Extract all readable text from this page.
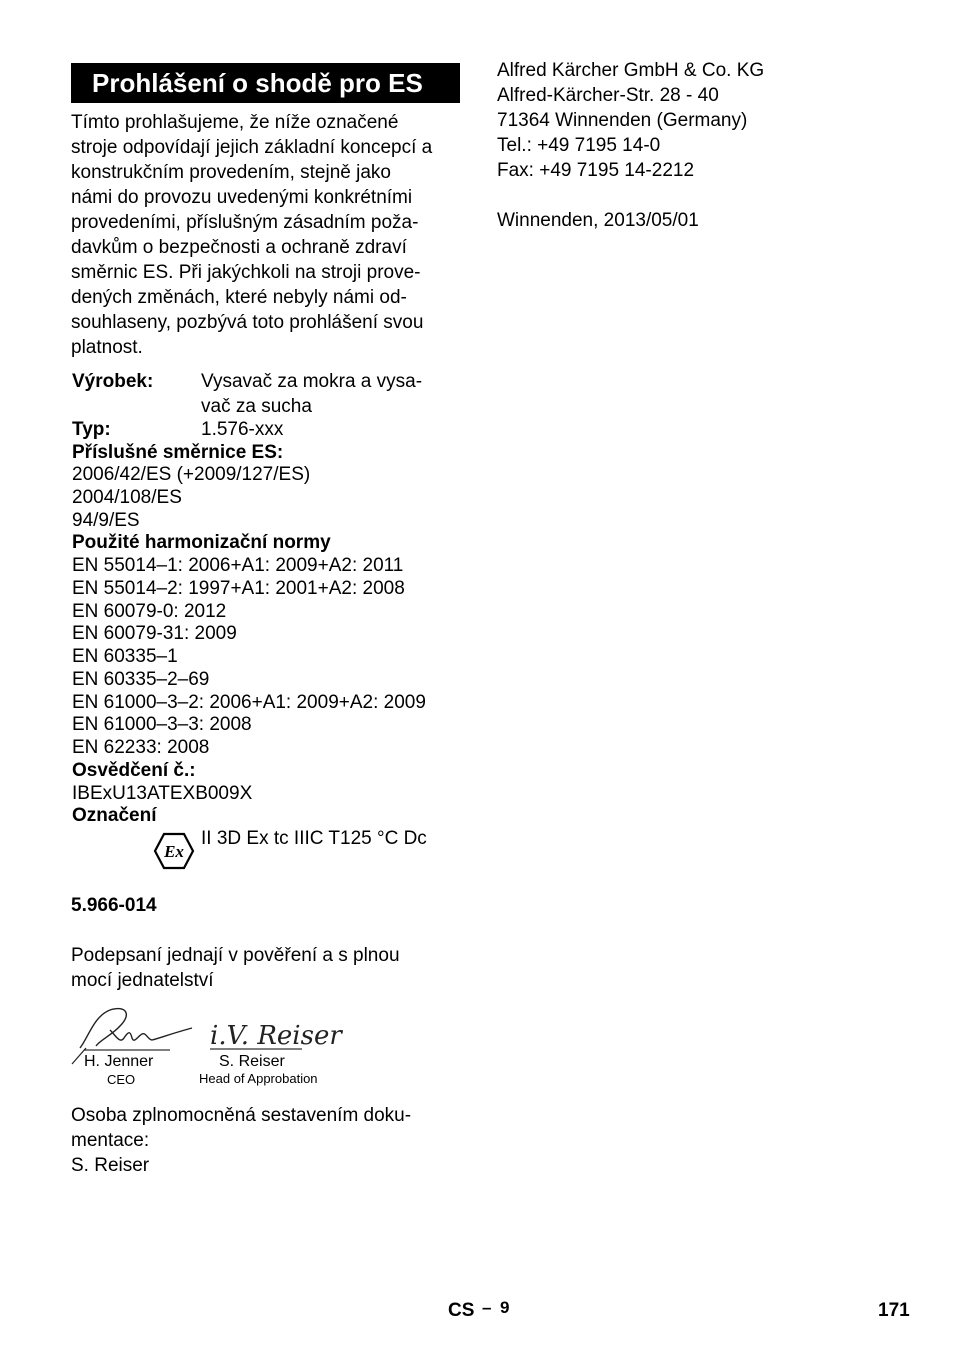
Prohlášení o shodě pro ES
Tímto prohlašujeme, že níže označené
stroje odpovídají jejich základní koncepcí a
konstrukčním provedením, stejně jako
námi do provozu uvedenými konkrétními
provedeními, příslušným zásadním poža-
davkům o bezpečnosti a ochraně zdraví
směrnic ES. Při jakýchkoli na stroji prove-
dených změnách, které nebyly námi od-
souhlaseny, pozbývá toto prohlášení svou
platnost.
Výrobek:	Vysavač za mokra a vysa-
vač za sucha
Typ:	1.576-xxx
Příslušné směrnice ES:
2006/42/ES (+2009/127/ES)
2004/108/ES
94/9/ES
Použité harmonizační normy
EN 55014–1: 2006+A1: 2009+A2: 2011
EN 55014–2: 1997+A1: 2001+A2: 2008
EN 60079-0: 2012
EN 60079-31: 2009
EN 60335–1
EN 60335–2–69
EN 61000–3–2: 2006+A1: 2009+A2: 2009
EN 61000–3–3: 2008
EN 62233: 2008
Osvědčení č.:
IBExU13ATEXB009X
Označení
Ex
II 3D Ex tc IIIC T125 °C Dc
5.966-014
Podepsaní jednají v pověření a s plnou
mocí jednatelství
i.V. Reiser
H. Jenner
CEO
S. Reiser
Head of Approbation
Osoba zplnomocněná sestavením doku-
mentace:
S. Reiser
Alfred Kärcher GmbH & Co. KG
Alfred-Kärcher-Str. 28 - 40
71364 Winnenden (Germany)
Tel.: +49 7195 14-0
Fax: +49 7195 14-2212
Winnenden, 2013/05/01
CS – 9	171
